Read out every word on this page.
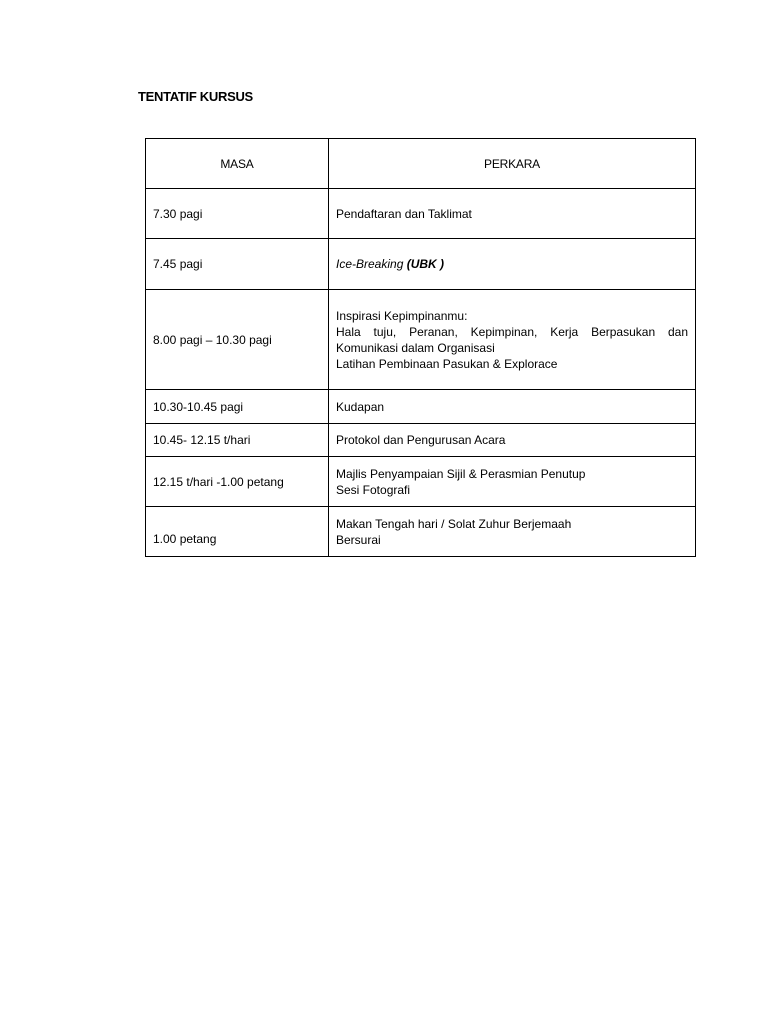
TENTATIF KURSUS
MASA	PERKARA
7.30 pagi	Pendaftaran dan Taklimat
7.45 pagi	Ice-Breaking (UBK )
8.00 pagi – 10.30 pagi	Inspirasi Kepimpinanmu:
Hala tuju, Peranan, Kepimpinan, Kerja Berpasukan dan Komunikasi dalam Organisasi
Latihan Pembinaan Pasukan & Explorace

10.30-10.45 pagi	Kudapan
10.45- 12.15 t/hari	Protokol dan Pengurusan Acara
12.15 t/hari -1.00 petang	Majlis Penyampaian Sijil & Perasmian Penutup
Sesi Fotografi

1.00 petang	Makan Tengah hari / Solat Zuhur Berjemaah
Bersurai
